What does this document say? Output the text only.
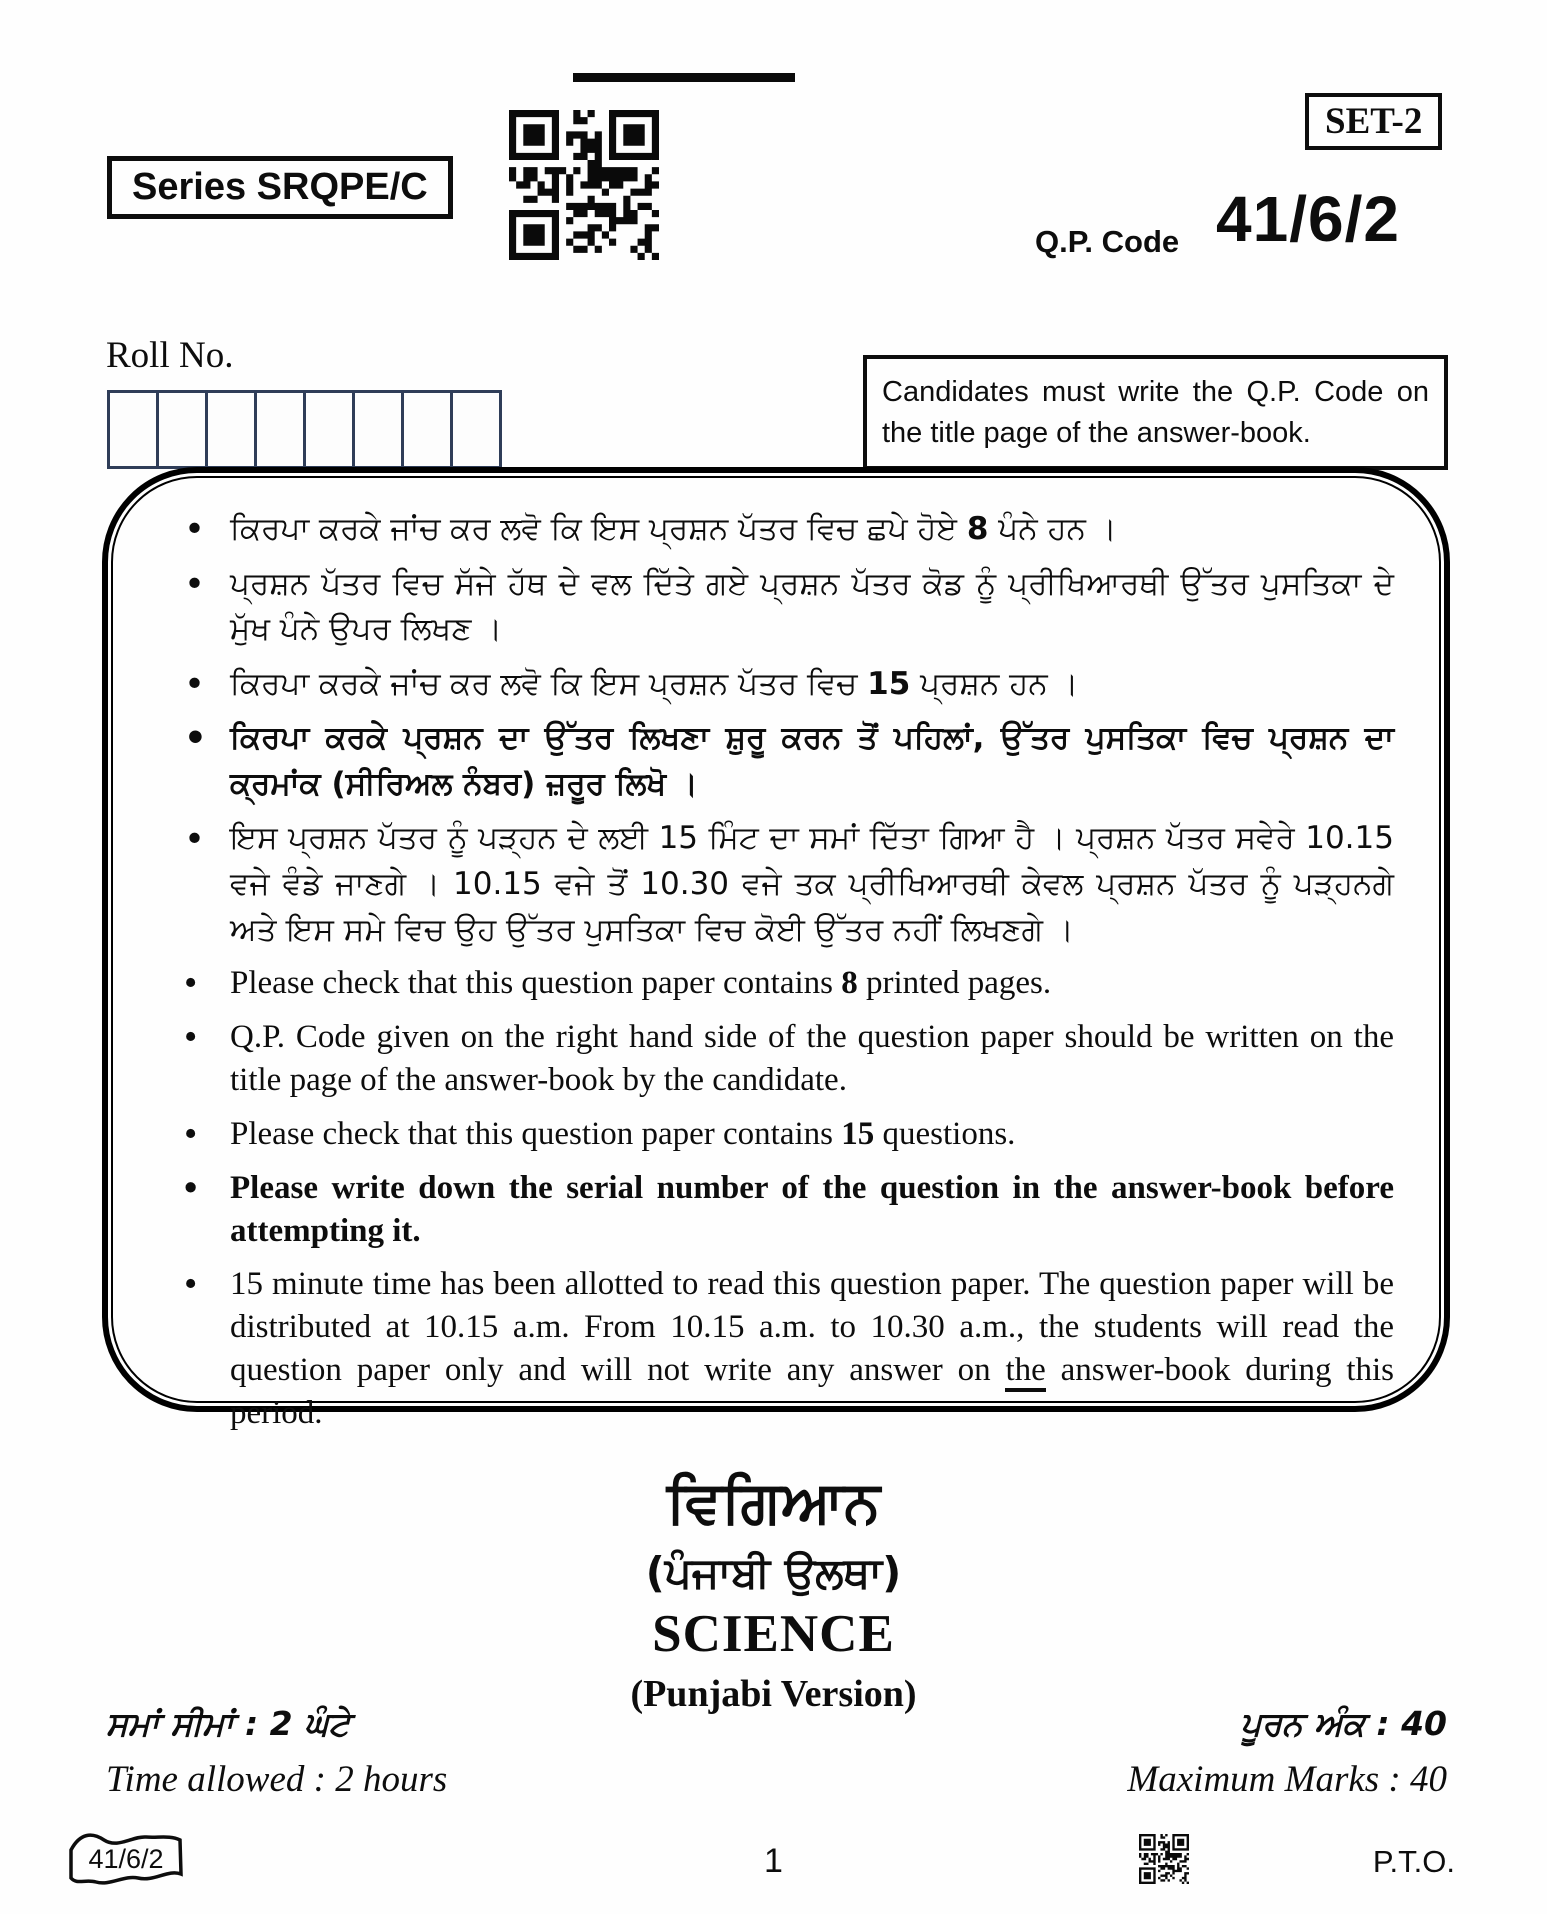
Series SRQPE/C
SET-2
Q.P. Code 41/6/2
Roll No.
Candidates must write the Q.P. Code on the title page of the answer-book.
• ਕਿਰਪਾ ਕਰਕੇ ਜਾਂਚ ਕਰ ਲਵੋ ਕਿ ਇਸ ਪ੍ਰਸ਼ਨ ਪੱਤਰ ਵਿਚ ਛਪੇ ਹੋਏ 8 ਪੰਨੇ ਹਨ ।
• ਪ੍ਰਸ਼ਨ ਪੱਤਰ ਵਿਚ ਸੱਜੇ ਹੱਥ ਦੇ ਵਲ ਦਿੱਤੇ ਗਏ ਪ੍ਰਸ਼ਨ ਪੱਤਰ ਕੋਡ ਨੂੰ ਪ੍ਰੀਖਿਆਰਥੀ ਉੱਤਰ ਪੁਸਤਿਕਾ ਦੇ ਮੁੱਖ ਪੰਨੇ ਉਪਰ ਲਿਖਣ ।
• ਕਿਰਪਾ ਕਰਕੇ ਜਾਂਚ ਕਰ ਲਵੋ ਕਿ ਇਸ ਪ੍ਰਸ਼ਨ ਪੱਤਰ ਵਿਚ 15 ਪ੍ਰਸ਼ਨ ਹਨ ।
• ਕਿਰਪਾ ਕਰਕੇ ਪ੍ਰਸ਼ਨ ਦਾ ਉੱਤਰ ਲਿਖਣਾ ਸ਼ੁਰੂ ਕਰਨ ਤੋਂ ਪਹਿਲਾਂ, ਉੱਤਰ ਪੁਸਤਿਕਾ ਵਿਚ ਪ੍ਰਸ਼ਨ ਦਾ ਕ੍ਰਮਾਂਕ (ਸੀਰਿਅਲ ਨੰਬਰ) ਜ਼ਰੂਰ ਲਿਖੋ ।
• ਇਸ ਪ੍ਰਸ਼ਨ ਪੱਤਰ ਨੂੰ ਪੜ੍ਹਨ ਦੇ ਲਈ 15 ਮਿੰਟ ਦਾ ਸਮਾਂ ਦਿੱਤਾ ਗਿਆ ਹੈ । ਪ੍ਰਸ਼ਨ ਪੱਤਰ ਸਵੇਰੇ 10.15 ਵਜੇ ਵੰਡੇ ਜਾਣਗੇ । 10.15 ਵਜੇ ਤੋਂ 10.30 ਵਜੇ ਤਕ ਪ੍ਰੀਖਿਆਰਥੀ ਕੇਵਲ ਪ੍ਰਸ਼ਨ ਪੱਤਰ ਨੂੰ ਪੜ੍ਹਨਗੇ ਅਤੇ ਇਸ ਸਮੇ ਵਿਚ ਉਹ ਉੱਤਰ ਪੁਸਤਿਕਾ ਵਿਚ ਕੋਈ ਉੱਤਰ ਨਹੀਂ ਲਿਖਣਗੇ ।
• Please check that this question paper contains 8 printed pages.
• Q.P. Code given on the right hand side of the question paper should be written on the title page of the answer-book by the candidate.
• Please check that this question paper contains 15 questions.
• Please write down the serial number of the question in the answer-book before attempting it.
• 15 minute time has been allotted to read this question paper. The question paper will be distributed at 10.15 a.m. From 10.15 a.m. to 10.30 a.m., the students will read the question paper only and will not write any answer on the answer-book during this period.
ਵਿਗਿਆਨ
(ਪੰਜਾਬੀ ਉਲਥਾ)
SCIENCE
(Punjabi Version)
ਸਮਾਂ ਸੀਮਾਂ : 2 ਘੰਟੇ
Time allowed : 2 hours
ਪੂਰਨ ਅੰਕ : 40
Maximum Marks : 40
41/6/2	1	P.T.O.
